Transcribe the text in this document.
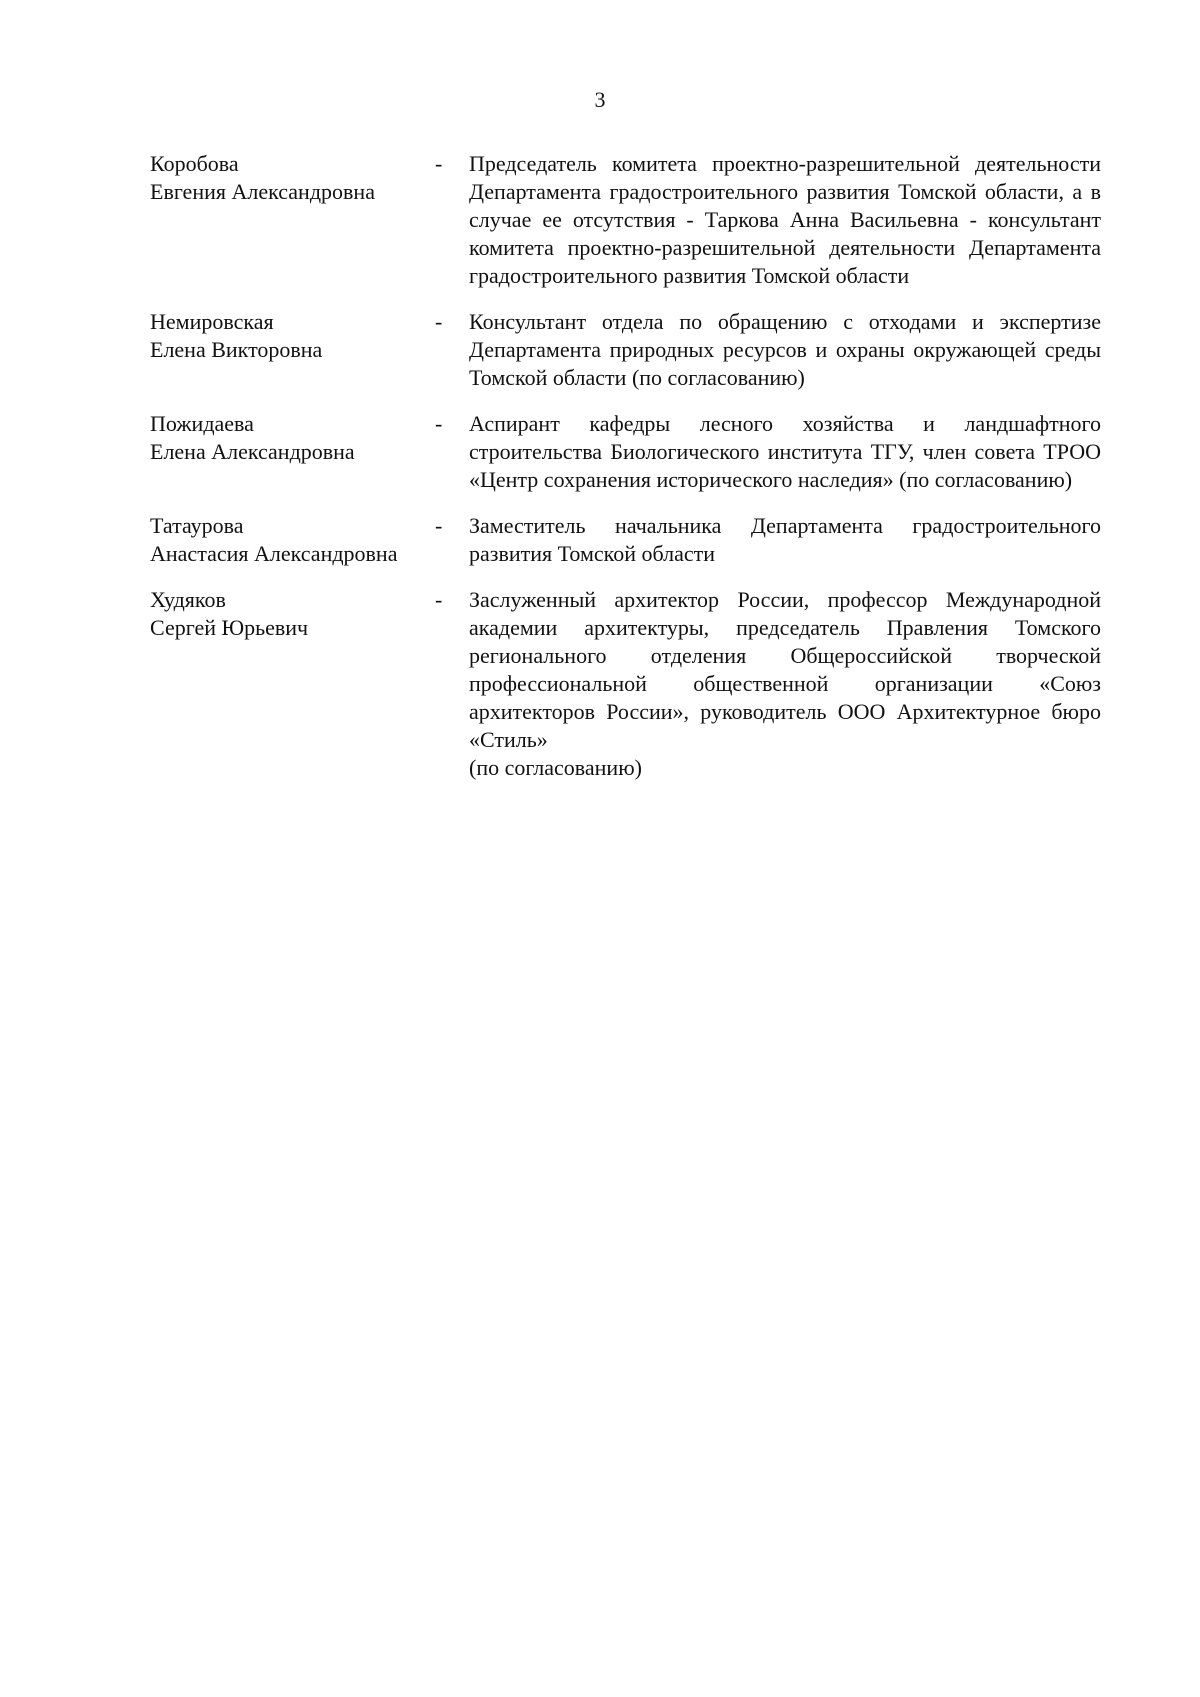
3
Коробова
Евгения Александровна
-	Председатель комитета проектно-разрешительной деятельности Департамента градостроительного развития Томской области, а в случае ее отсутствия - Таркова Анна Васильевна - консультант комитета проектно-разрешительной деятельности Департамента градостроительного развития Томской области
Немировская
Елена Викторовна
-	Консультант отдела по обращению с отходами и экспертизе Департамента природных ресурсов и охраны окружающей среды Томской области (по согласованию)
Пожидаева
Елена Александровна
-	Аспирант кафедры лесного хозяйства и ландшафтного строительства Биологического института ТГУ, член совета ТРОО «Центр сохранения исторического наследия» (по согласованию)
Татаурова
Анастасия Александровна
-	Заместитель начальника Департамента градостроительного развития Томской области
Худяков
Сергей Юрьевич
-	Заслуженный архитектор России, профессор Международной академии архитектуры, председатель Правления Томского регионального отделения Общероссийской творческой профессиональной общественной организации «Союз архитекторов России», руководитель ООО Архитектурное бюро «Стиль»
(по согласованию)
